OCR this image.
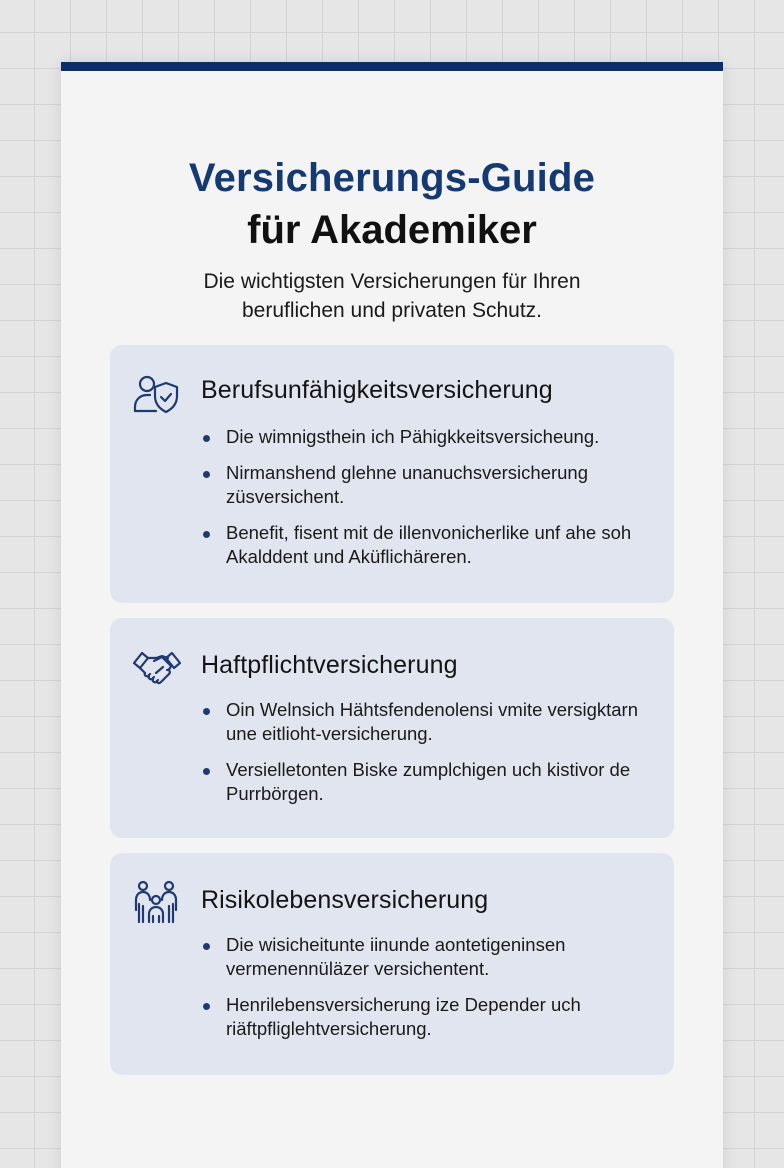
Versicherungs-Guide
für Akademiker
Die wichtigsten Versicherungen für Ihren
beruflichen und privaten Schutz.
Berufsunfähigkeitsversicherung
Die wimnigsthein ich Pähigkkeitsversicheung.
Nirmanshend glehne unanuchsversicherung züsversichent.
Benefit, fisent mit de illenvonicherlike unf ahe soh Akalddent und Aküflichäreren.
Haftpflichtversicherung
Oin Welnsich Hähtsfendenolensi vmite versigktarn une eitlioht-versicherung.
Versielletonten Biske zumplchigen uch kistivor de Purrbörgen.
Risikolebensversicherung
Die wisicheitunte iinunde aontetigeninsen vermenennüläzer versichentent.
Henrilebensversicherung ize Depender uch riäftpfliglehtversicherung.
